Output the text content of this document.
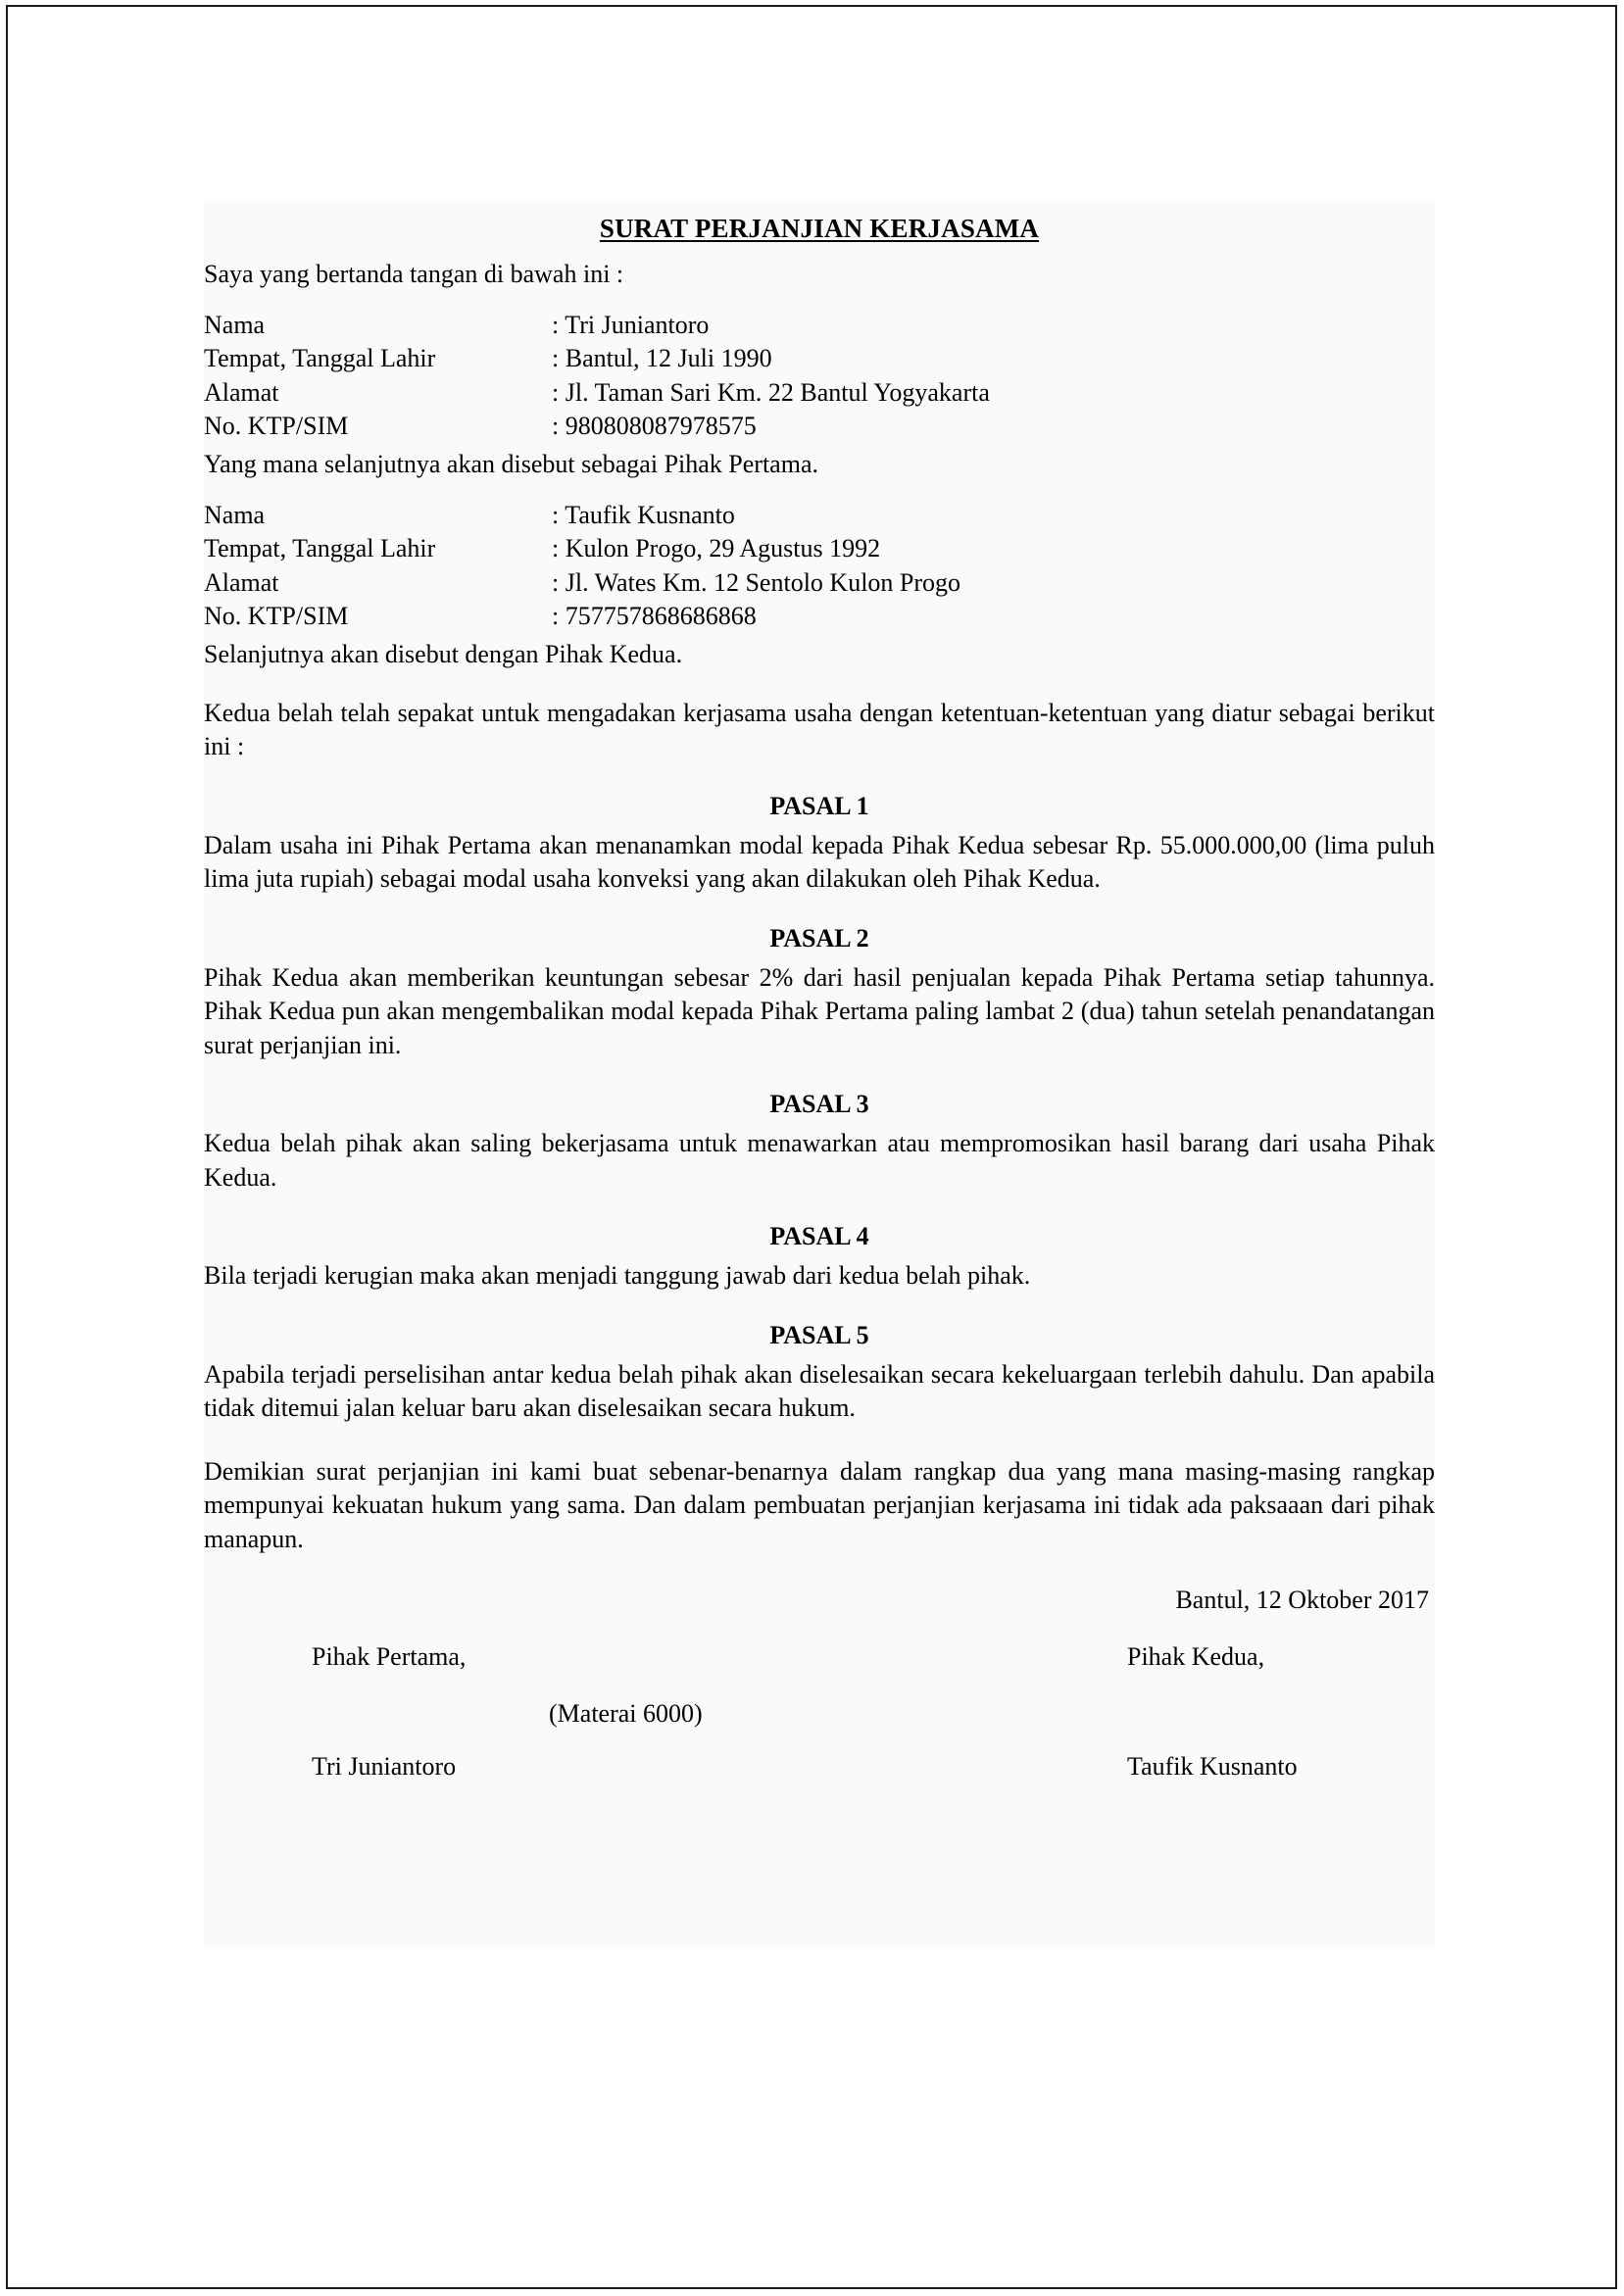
SURAT PERJANJIAN KERJASAMA

Saya yang bertanda tangan di bawah ini :

Nama	: Tri Juniantoro
Tempat, Tanggal Lahir	: Bantul, 12 Juli 1990
Alamat	: Jl. Taman Sari Km. 22 Bantul Yogyakarta
No. KTP/SIM	: 980808087978575

Yang mana selanjutnya akan disebut sebagai Pihak Pertama.

Nama	: Taufik Kusnanto
Tempat, Tanggal Lahir	: Kulon Progo, 29 Agustus 1992
Alamat	: Jl. Wates Km. 12 Sentolo Kulon Progo
No. KTP/SIM	: 757757868686868

Selanjutnya akan disebut dengan Pihak Kedua.

Kedua belah telah sepakat untuk mengadakan kerjasama usaha dengan ketentuan-ketentuan yang diatur sebagai berikut ini :

PASAL 1

Dalam usaha ini Pihak Pertama akan menanamkan modal kepada Pihak Kedua sebesar Rp. 55.000.000,00 (lima puluh lima juta rupiah) sebagai modal usaha konveksi yang akan dilakukan oleh Pihak Kedua.

PASAL 2

Pihak Kedua akan memberikan keuntungan sebesar 2% dari hasil penjualan kepada Pihak Pertama setiap tahunnya. Pihak Kedua pun akan mengembalikan modal kepada Pihak Pertama paling lambat 2 (dua) tahun setelah penandatangan surat perjanjian ini.

PASAL 3

Kedua belah pihak akan saling bekerjasama untuk menawarkan atau mempromosikan hasil barang dari usaha Pihak Kedua.

PASAL 4

Bila terjadi kerugian maka akan menjadi tanggung jawab dari kedua belah pihak.

PASAL 5

Apabila terjadi perselisihan antar kedua belah pihak akan diselesaikan secara kekeluargaan terlebih dahulu. Dan apabila tidak ditemui jalan keluar baru akan diselesaikan secara hukum.

Demikian surat perjanjian ini kami buat sebenar-benarnya dalam rangkap dua yang mana masing-masing rangkap mempunyai kekuatan hukum yang sama. Dan dalam pembuatan perjanjian kerjasama ini tidak ada paksaaan dari pihak manapun.

Bantul, 12 Oktober 2017

Pihak Pertama,	Pihak Kedua,
(Materai 6000)
Tri Juniantoro	Taufik Kusnanto
